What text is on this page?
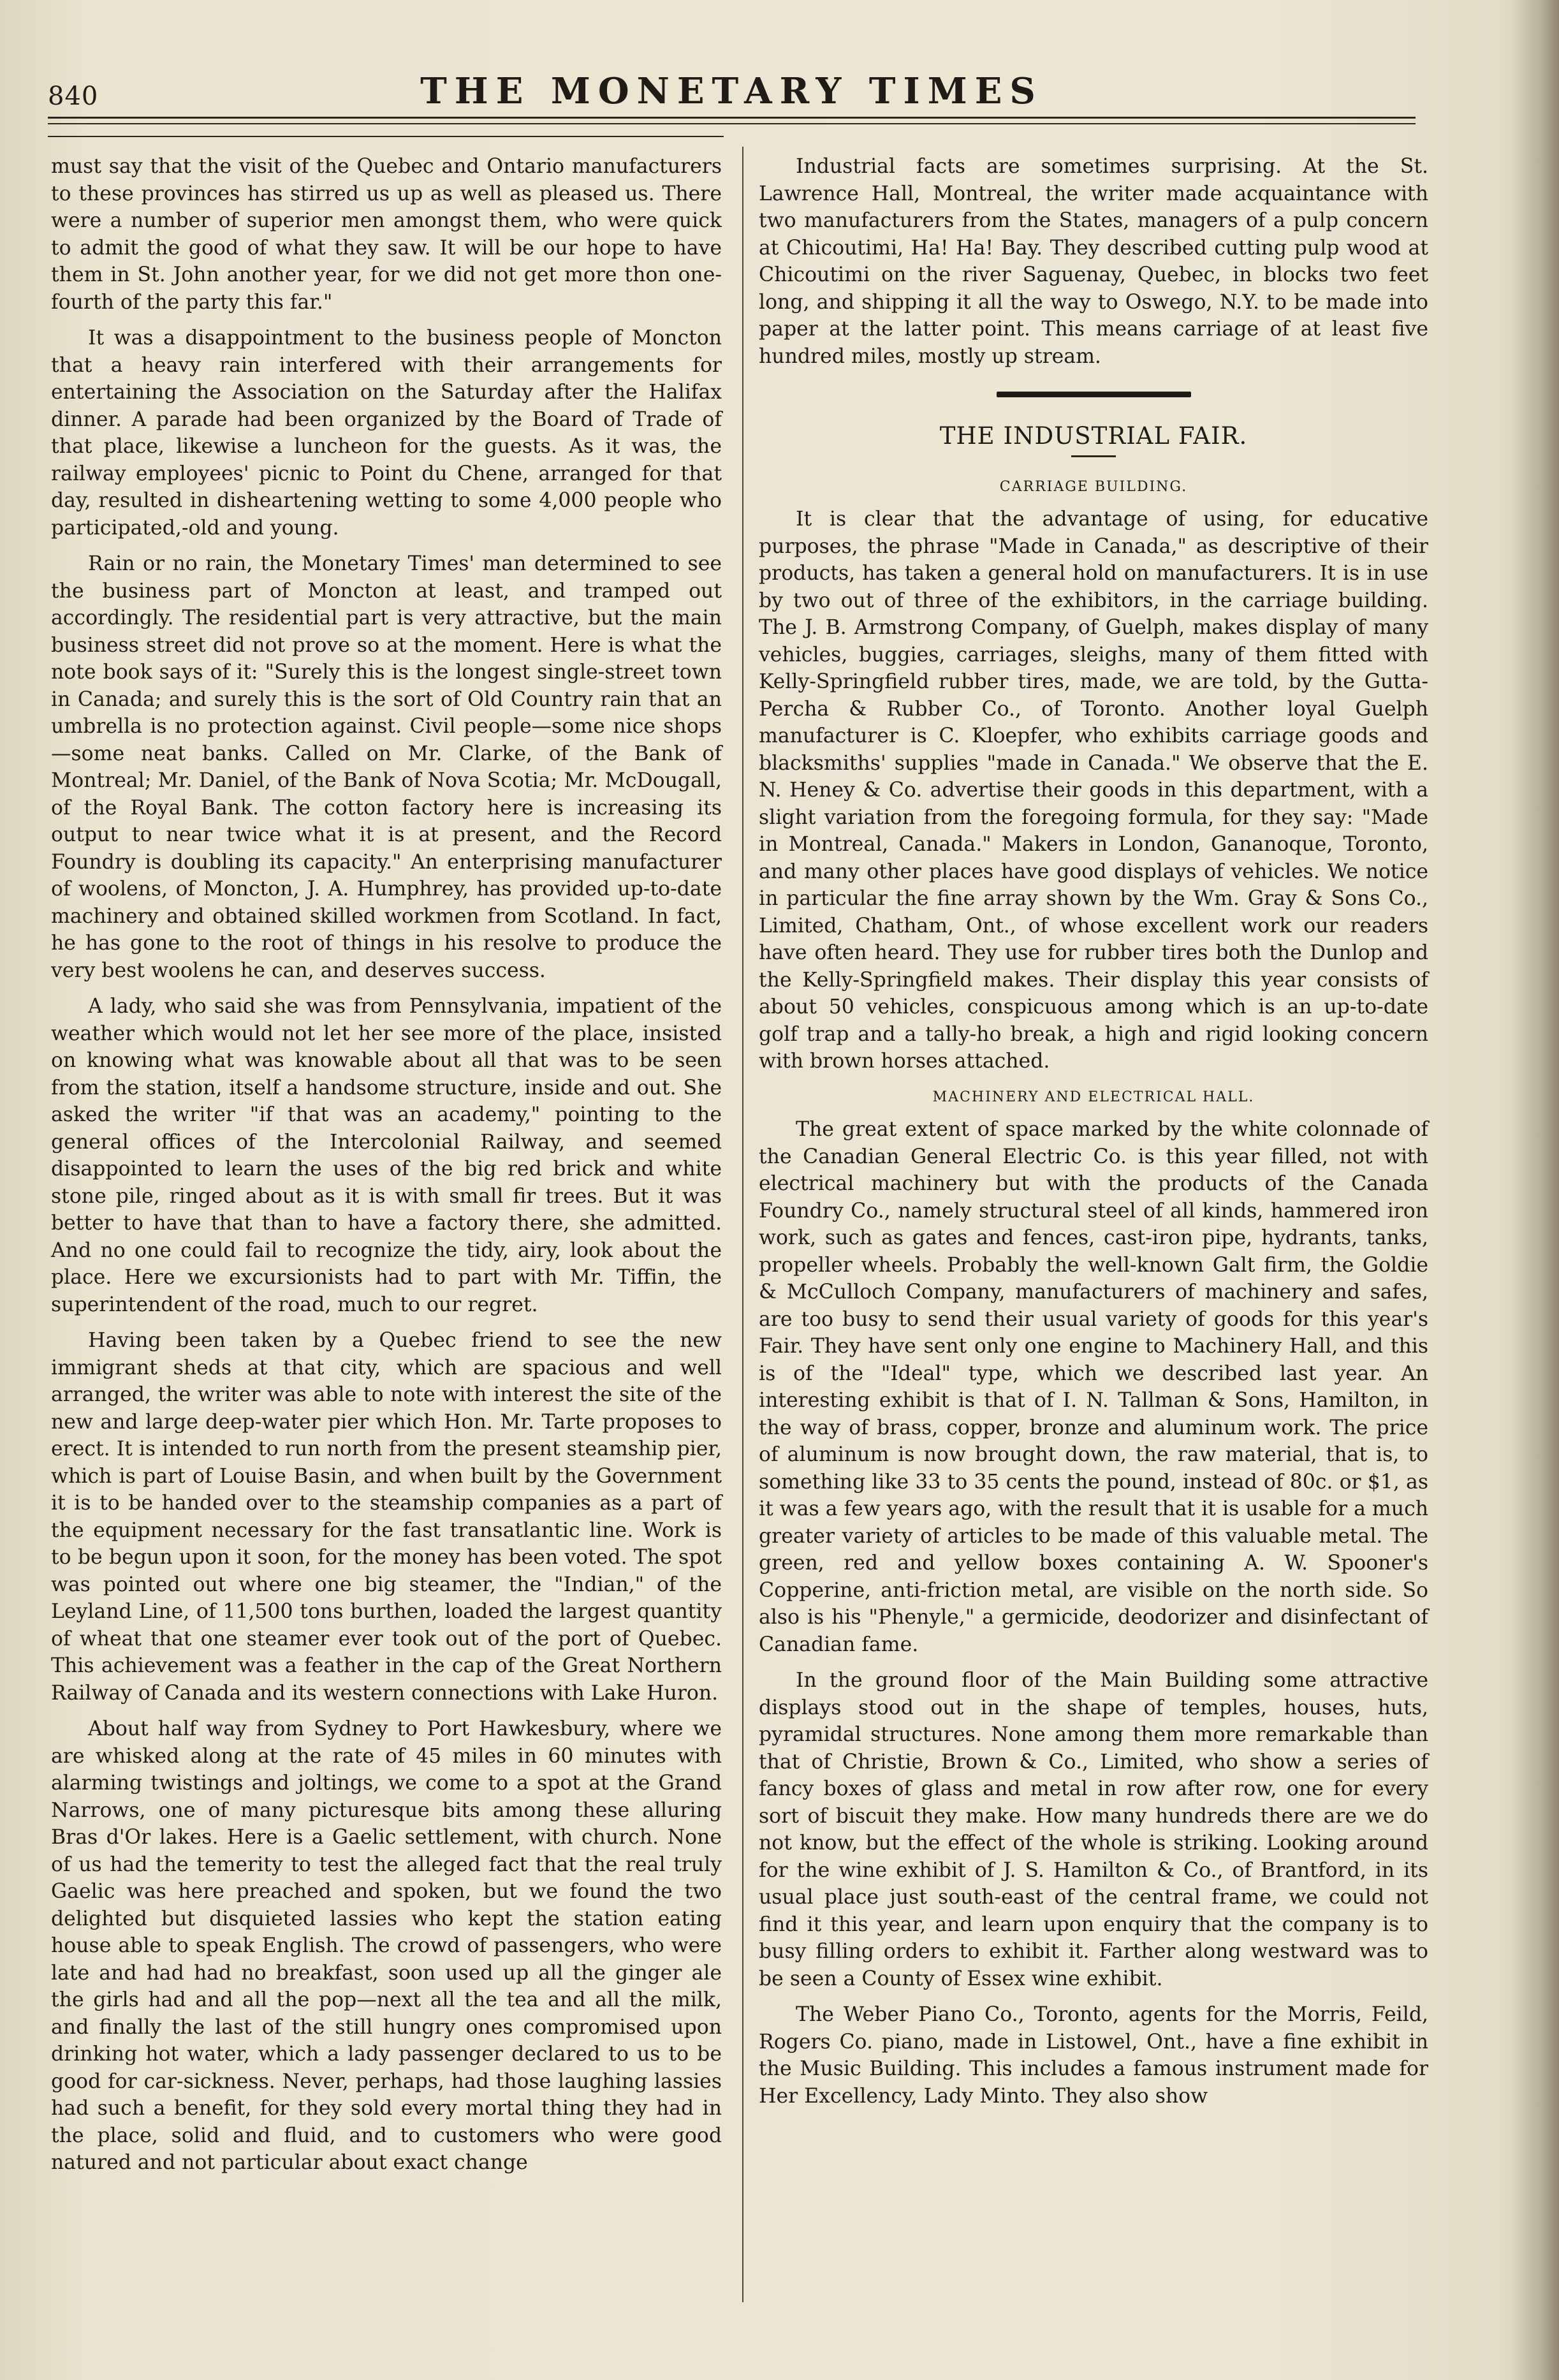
840	THE MONETARY TIMES

must say that the visit of the Quebec and Ontario manufacturers to these provinces has stirred us up as well as pleased us. There were a number of superior men amongst them, who were quick to admit the good of what they saw. It will be our hope to have them in St. John another year, for we did not get more thon one-fourth of the party this far."

It was a disappointment to the business people of Moncton that a heavy rain interfered with their arrangements for entertaining the Association on the Saturday after the Halifax dinner. A parade had been organized by the Board of Trade of that place, likewise a luncheon for the guests. As it was, the railway employees' picnic to Point du Chene, arranged for that day, resulted in disheartening wetting to some 4,000 people who participated,-old and young.

Rain or no rain, the Monetary Times' man determined to see the business part of Moncton at least, and tramped out accordingly. The residential part is very attractive, but the main business street did not prove so at the moment. Here is what the note book says of it: "Surely this is the longest single-street town in Canada; and surely this is the sort of Old Country rain that an umbrella is no protection against. Civil people—some nice shops—some neat banks. Called on Mr. Clarke, of the Bank of Montreal; Mr. Daniel, of the Bank of Nova Scotia; Mr. McDougall, of the Royal Bank. The cotton factory here is increasing its output to near twice what it is at present, and the Record Foundry is doubling its capacity." An enterprising manufacturer of woolens, of Moncton, J. A. Humphrey, has provided up-to-date machinery and obtained skilled workmen from Scotland. In fact, he has gone to the root of things in his resolve to produce the very best woolens he can, and deserves success.

A lady, who said she was from Pennsylvania, impatient of the weather which would not let her see more of the place, insisted on knowing what was knowable about all that was to be seen from the station, itself a handsome structure, inside and out. She asked the writer "if that was an academy," pointing to the general offices of the Intercolonial Railway, and seemed disappointed to learn the uses of the big red brick and white stone pile, ringed about as it is with small fir trees. But it was better to have that than to have a factory there, she admitted. And no one could fail to recognize the tidy, airy, look about the place. Here we excursionists had to part with Mr. Tiffin, the superintendent of the road, much to our regret.

Having been taken by a Quebec friend to see the new immigrant sheds at that city, which are spacious and well arranged, the writer was able to note with interest the site of the new and large deep-water pier which Hon. Mr. Tarte proposes to erect. It is intended to run north from the present steamship pier, which is part of Louise Basin, and when built by the Government it is to be handed over to the steamship companies as a part of the equipment necessary for the fast transatlantic line. Work is to be begun upon it soon, for the money has been voted. The spot was pointed out where one big steamer, the "Indian," of the Leyland Line, of 11,500 tons burthen, loaded the largest quantity of wheat that one steamer ever took out of the port of Quebec. This achievement was a feather in the cap of the Great Northern Railway of Canada and its western connections with Lake Huron.

About half way from Sydney to Port Hawkesbury, where we are whisked along at the rate of 45 miles in 60 minutes with alarming twistings and joltings, we come to a spot at the Grand Narrows, one of many picturesque bits among these alluring Bras d'Or lakes. Here is a Gaelic settlement, with church. None of us had the temerity to test the alleged fact that the real truly Gaelic was here preached and spoken, but we found the two delighted but disquieted lassies who kept the station eating house able to speak English. The crowd of passengers, who were late and had had no breakfast, soon used up all the ginger ale the girls had and all the pop—next all the tea and all the milk, and finally the last of the still hungry ones compromised upon drinking hot water, which a lady passenger declared to us to be good for car-sickness. Never, perhaps, had those laughing lassies had such a benefit, for they sold every mortal thing they had in the place, solid and fluid, and to customers who were good natured and not particular about exact change

Industrial facts are sometimes surprising. At the St. Lawrence Hall, Montreal, the writer made acquaintance with two manufacturers from the States, managers of a pulp concern at Chicoutimi, Ha! Ha! Bay. They described cutting pulp wood at Chicoutimi on the river Saguenay, Quebec, in blocks two feet long, and shipping it all the way to Oswego, N.Y. to be made into paper at the latter point. This means carriage of at least five hundred miles, mostly up stream.

THE INDUSTRIAL FAIR.
CARRIAGE BUILDING.

It is clear that the advantage of using, for educative purposes, the phrase "Made in Canada," as descriptive of their products, has taken a general hold on manufacturers. It is in use by two out of three of the exhibitors, in the carriage building. The J. B. Armstrong Company, of Guelph, makes display of many vehicles, buggies, carriages, sleighs, many of them fitted with Kelly-Springfield rubber tires, made, we are told, by the Gutta-Percha & Rubber Co., of Toronto. Another loyal Guelph manufacturer is C. Kloepfer, who exhibits carriage goods and blacksmiths' supplies "made in Canada." We observe that the E. N. Heney & Co. advertise their goods in this department, with a slight variation from the foregoing formula, for they say: "Made in Montreal, Canada." Makers in London, Gananoque, Toronto, and many other places have good displays of vehicles. We notice in particular the fine array shown by the Wm. Gray & Sons Co., Limited, Chatham, Ont., of whose excellent work our readers have often heard. They use for rubber tires both the Dunlop and the Kelly-Springfield makes. Their display this year consists of about 50 vehicles, conspicuous among which is an up-to-date golf trap and a tally-ho break, a high and rigid looking concern with brown horses attached.

MACHINERY AND ELECTRICAL HALL.

The great extent of space marked by the white colonnade of the Canadian General Electric Co. is this year filled, not with electrical machinery but with the products of the Canada Foundry Co., namely structural steel of all kinds, hammered iron work, such as gates and fences, cast-iron pipe, hydrants, tanks, propeller wheels. Probably the well-known Galt firm, the Goldie & McCulloch Company, manufacturers of machinery and safes, are too busy to send their usual variety of goods for this year's Fair. They have sent only one engine to Machinery Hall, and this is of the "Ideal" type, which we described last year. An interesting exhibit is that of I. N. Tallman & Sons, Hamilton, in the way of brass, copper, bronze and aluminum work. The price of aluminum is now brought down, the raw material, that is, to something like 33 to 35 cents the pound, instead of 80c. or $1, as it was a few years ago, with the result that it is usable for a much greater variety of articles to be made of this valuable metal. The green, red and yellow boxes containing A. W. Spooner's Copperine, anti-friction metal, are visible on the north side. So also is his "Phenyle," a germicide, deodorizer and disinfectant of Canadian fame.

In the ground floor of the Main Building some attractive displays stood out in the shape of temples, houses, huts, pyramidal structures. None among them more remarkable than that of Christie, Brown & Co., Limited, who show a series of fancy boxes of glass and metal in row after row, one for every sort of biscuit they make. How many hundreds there are we do not know, but the effect of the whole is striking. Looking around for the wine exhibit of J. S. Hamilton & Co., of Brantford, in its usual place just south-east of the central frame, we could not find it this year, and learn upon enquiry that the company is to busy filling orders to exhibit it. Farther along westward was to be seen a County of Essex wine exhibit.

The Weber Piano Co., Toronto, agents for the Morris, Feild, Rogers Co. piano, made in Listowel, Ont., have a fine exhibit in the Music Building. This includes a famous instrument made for Her Excellency, Lady Minto. They also show
